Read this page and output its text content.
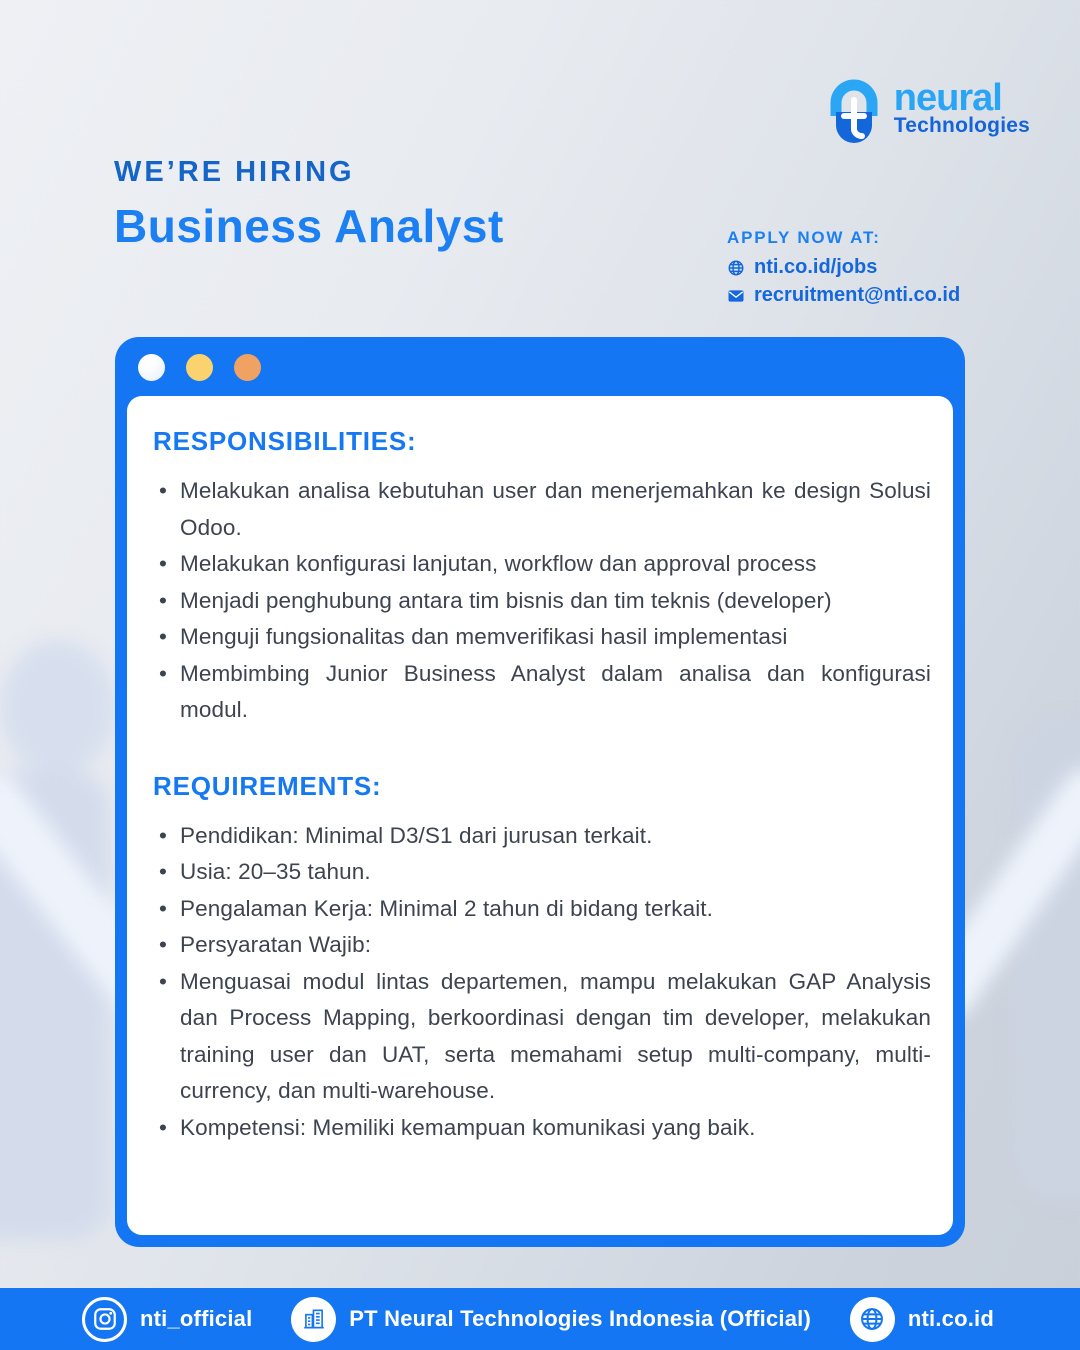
neural
Technologies
WE’RE HIRING
Business Analyst	APPLY NOW AT:
nti.co.id/jobs
recruitment@nti.co.id
RESPONSIBILITIES:
• Melakukan analisa kebutuhan user dan menerjemahkan ke design Solusi Odoo.
• Melakukan konfigurasi lanjutan, workflow dan approval process
• Menjadi penghubung antara tim bisnis dan tim teknis (developer)
• Menguji fungsionalitas dan memverifikasi hasil implementasi
• Membimbing Junior Business Analyst dalam analisa dan konfigurasi modul.
REQUIREMENTS:
• Pendidikan: Minimal D3/S1 dari jurusan terkait.
• Usia: 20–35 tahun.
• Pengalaman Kerja: Minimal 2 tahun di bidang terkait.
• Persyaratan Wajib:
• Menguasai modul lintas departemen, mampu melakukan GAP Analysis dan Process Mapping, berkoordinasi dengan tim developer, melakukan training user dan UAT, serta memahami setup multi-company, multi-currency, dan multi-warehouse.
• Kompetensi: Memiliki kemampuan komunikasi yang baik.
nti_official	PT Neural Technologies Indonesia (Official)	nti.co.id
